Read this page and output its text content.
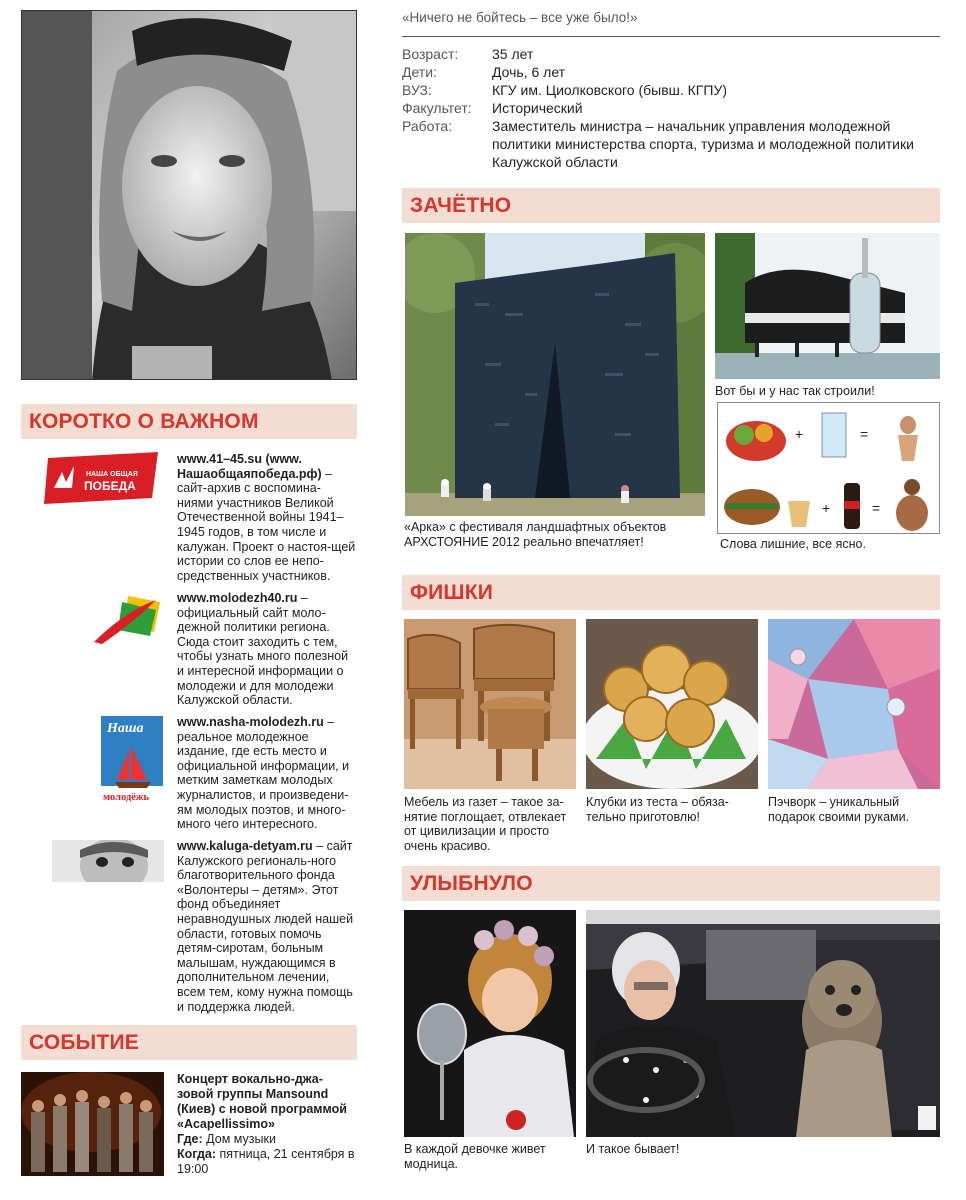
КОРОТКО О ВАЖНОМ
НАША ОБЩАЯ
ПОБЕДА
www.41–45.su (www. Нашаобщаяпобеда.рф) – сайт-архив с воспомина-ниями участников Великой Отечественной войны 1941–1945 годов, в том числе и калужан. Проект о настоя-щей истории со слов ее непо-средственных участников.
www.molodezh40.ru – официальный сайт моло-дежной политики региона. Сюда стоит заходить с тем, чтобы узнать много полезной и интересной информации о молодежи и для молодежи Калужской области.
Наша
молодёжь
www.nasha-molodezh.ru – реальное молодежное издание, где есть место и официальной информации, и метким заметкам молодых журналистов, и произведени-ям молодых поэтов, и много-много чего интересного.
www.kaluga-detyam.ru – сайт Калужского региональ-ного благотворительного фонда «Волонтеры – детям». Этот фонд объединяет неравнодушных людей нашей области, готовых помочь детям-сиротам, больным малышам, нуждающимся в дополнительном лечении, всем тем, кому нужна помощь и поддержка людей.
СОБЫТИЕ
Концерт вокально-джа-зовой группы Mansound (Киев) с новой программой «Acapellissimo»
Где: Дом музыки
Когда: пятница, 21 сентября в 19:00
«Ничего не бойтесь – все уже было!»
Возраст: 35 лет
Дети:	Дочь, 6 лет
ВУЗ:	КГУ им. Циолковского (бывш. КГПУ)
Факультет: Исторический
Работа:	Заместитель министра – начальник управления молодежной политики министерства спорта, туризма и молодежной политики Калужской области
ЗАЧЁТНО
«Арка» с фестиваля ландшафтных объектов АРХСТОЯНИЕ 2012 реально впечатляет!
Вот бы и у нас так строили!
+	=
+	=
Слова лишние, все ясно.
ФИШКИ
Мебель из газет – такое за-нятие поглощает, отвлекает от цивилизации и просто очень красиво.
Клубки из теста – обяза-тельно приготовлю!
Пэчворк – уникальный подарок своими руками.
УЛЫБНУЛО
В каждой девочке живет модница.
И такое бывает!
